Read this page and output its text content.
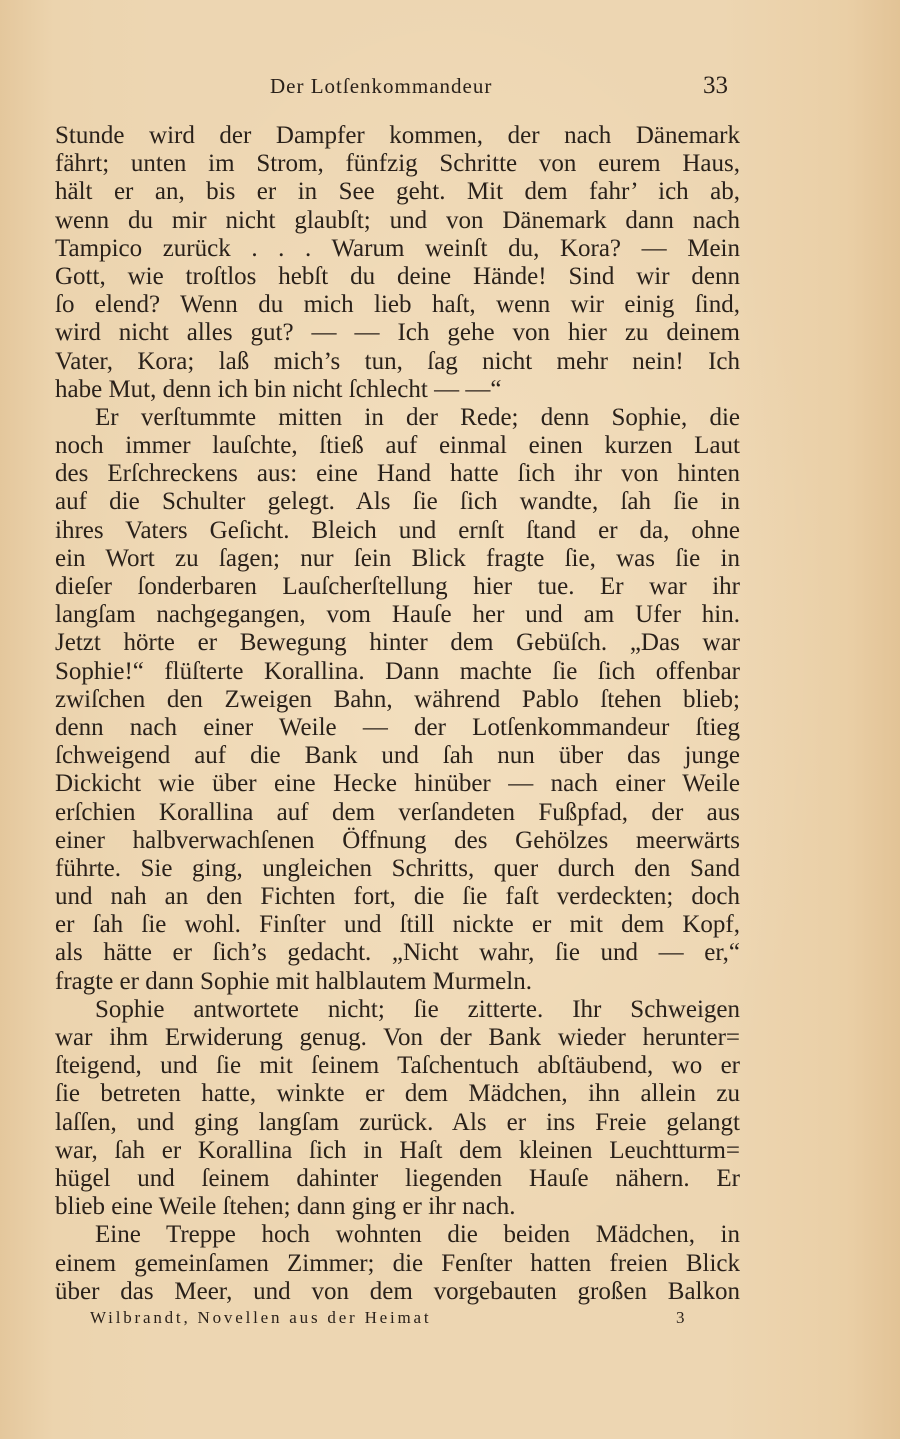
Der Lotſenkommandeur	33
Stunde wird der Dampfer kommen, der nach Dänemark
fährt; unten im Strom, fünfzig Schritte von eurem Haus,
hält er an, bis er in See geht. Mit dem fahr’ ich ab,
wenn du mir nicht glaubſt; und von Dänemark dann nach
Tampico zurück . . . Warum weinſt du, Kora? — Mein
Gott, wie troſtlos hebſt du deine Hände! Sind wir denn
ſo elend? Wenn du mich lieb haſt, wenn wir einig ſind,
wird nicht alles gut? — — Ich gehe von hier zu deinem
Vater, Kora; laß mich’s tun, ſag nicht mehr nein! Ich
habe Mut, denn ich bin nicht ſchlecht — —“
Er verſtummte mitten in der Rede; denn Sophie, die
noch immer lauſchte, ſtieß auf einmal einen kurzen Laut
des Erſchreckens aus: eine Hand hatte ſich ihr von hinten
auf die Schulter gelegt. Als ſie ſich wandte, ſah ſie in
ihres Vaters Geſicht. Bleich und ernſt ſtand er da, ohne
ein Wort zu ſagen; nur ſein Blick fragte ſie, was ſie in
dieſer ſonderbaren Lauſcherſtellung hier tue. Er war ihr
langſam nachgegangen, vom Hauſe her und am Ufer hin.
Jetzt hörte er Bewegung hinter dem Gebüſch. „Das war
Sophie!“ flüſterte Korallina. Dann machte ſie ſich offenbar
zwiſchen den Zweigen Bahn, während Pablo ſtehen blieb;
denn nach einer Weile — der Lotſenkommandeur ſtieg
ſchweigend auf die Bank und ſah nun über das junge
Dickicht wie über eine Hecke hinüber — nach einer Weile
erſchien Korallina auf dem verſandeten Fußpfad, der aus
einer halbverwachſenen Öffnung des Gehölzes meerwärts
führte. Sie ging, ungleichen Schritts, quer durch den Sand
und nah an den Fichten fort, die ſie faſt verdeckten; doch
er ſah ſie wohl. Finſter und ſtill nickte er mit dem Kopf,
als hätte er ſich’s gedacht. „Nicht wahr, ſie und — er,“
fragte er dann Sophie mit halblautem Murmeln.
Sophie antwortete nicht; ſie zitterte. Ihr Schweigen
war ihm Erwiderung genug. Von der Bank wieder herunter=
ſteigend, und ſie mit ſeinem Taſchentuch abſtäubend, wo er
ſie betreten hatte, winkte er dem Mädchen, ihn allein zu
laſſen, und ging langſam zurück. Als er ins Freie gelangt
war, ſah er Korallina ſich in Haſt dem kleinen Leuchtturm=
hügel und ſeinem dahinter liegenden Hauſe nähern. Er
blieb eine Weile ſtehen; dann ging er ihr nach.
Eine Treppe hoch wohnten die beiden Mädchen, in
einem gemeinſamen Zimmer; die Fenſter hatten freien Blick
über das Meer, und von dem vorgebauten großen Balkon
Wilbrandt, Novellen aus der Heimat	3
